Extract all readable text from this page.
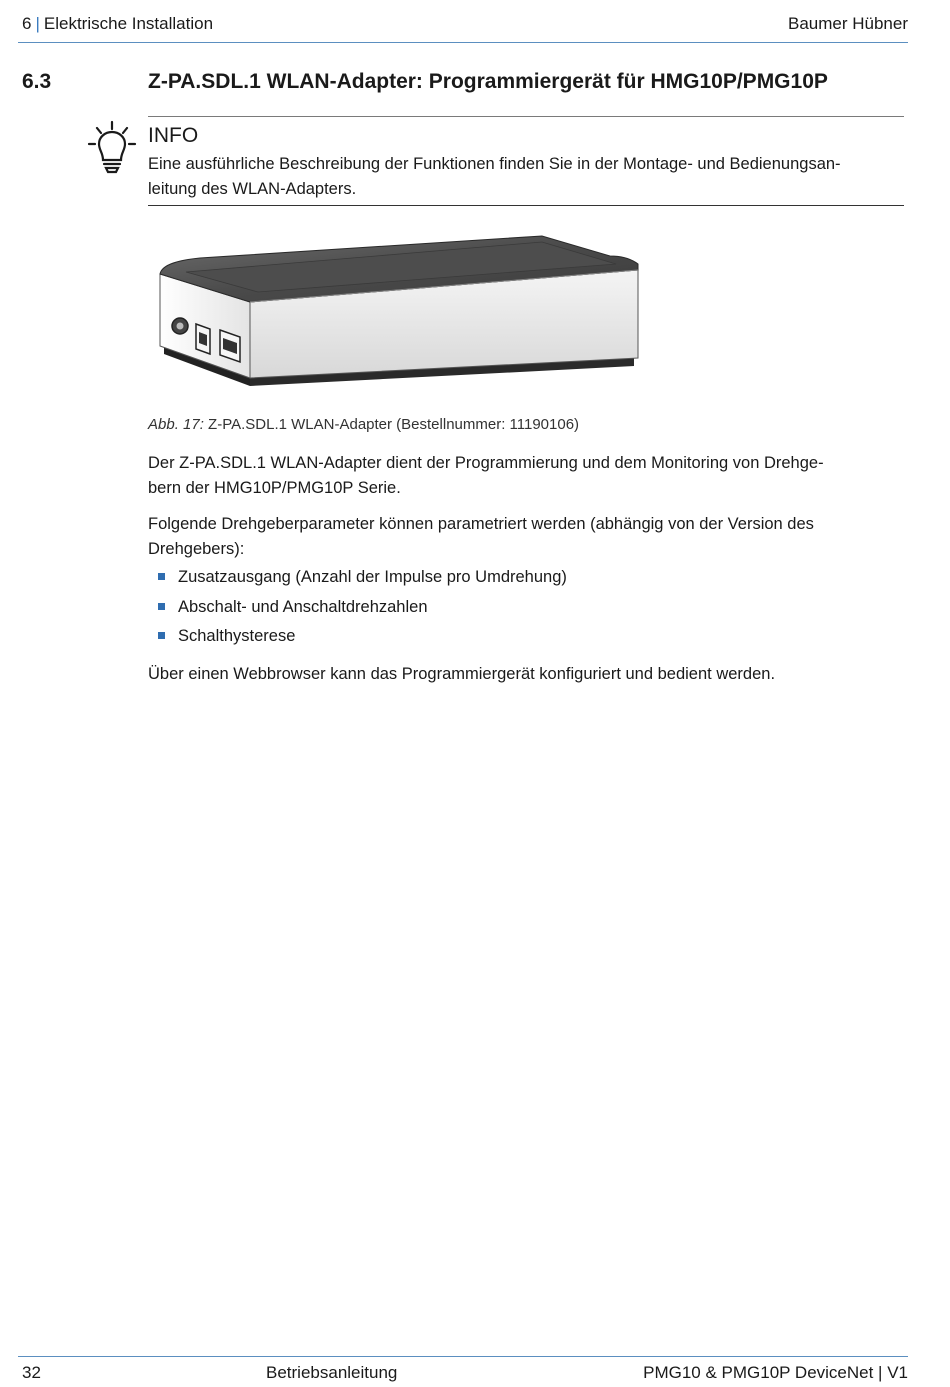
6 | Elektrische Installation	Baumer Hübner
6.3	Z-PA.SDL.1 WLAN-Adapter: Programmiergerät für HMG10P/PMG10P
INFO
Eine ausführliche Beschreibung der Funktionen finden Sie in der Montage- und Bedienungsan-
leitung des WLAN-Adapters.
Abb. 17: Z-PA.SDL.1 WLAN-Adapter (Bestellnummer: 11190106)
Der Z-PA.SDL.1 WLAN-Adapter dient der Programmierung und dem Monitoring von Drehge-
bern der HMG10P/PMG10P Serie.
Folgende Drehgeberparameter können parametriert werden (abhängig von der Version des
Drehgebers):
Zusatzausgang (Anzahl der Impulse pro Umdrehung)
Abschalt- und Anschaltdrehzahlen
Schalthysterese
Über einen Webbrowser kann das Programmiergerät konfiguriert und bedient werden.
32	Betriebsanleitung	PMG10 & PMG10P DeviceNet | V1
